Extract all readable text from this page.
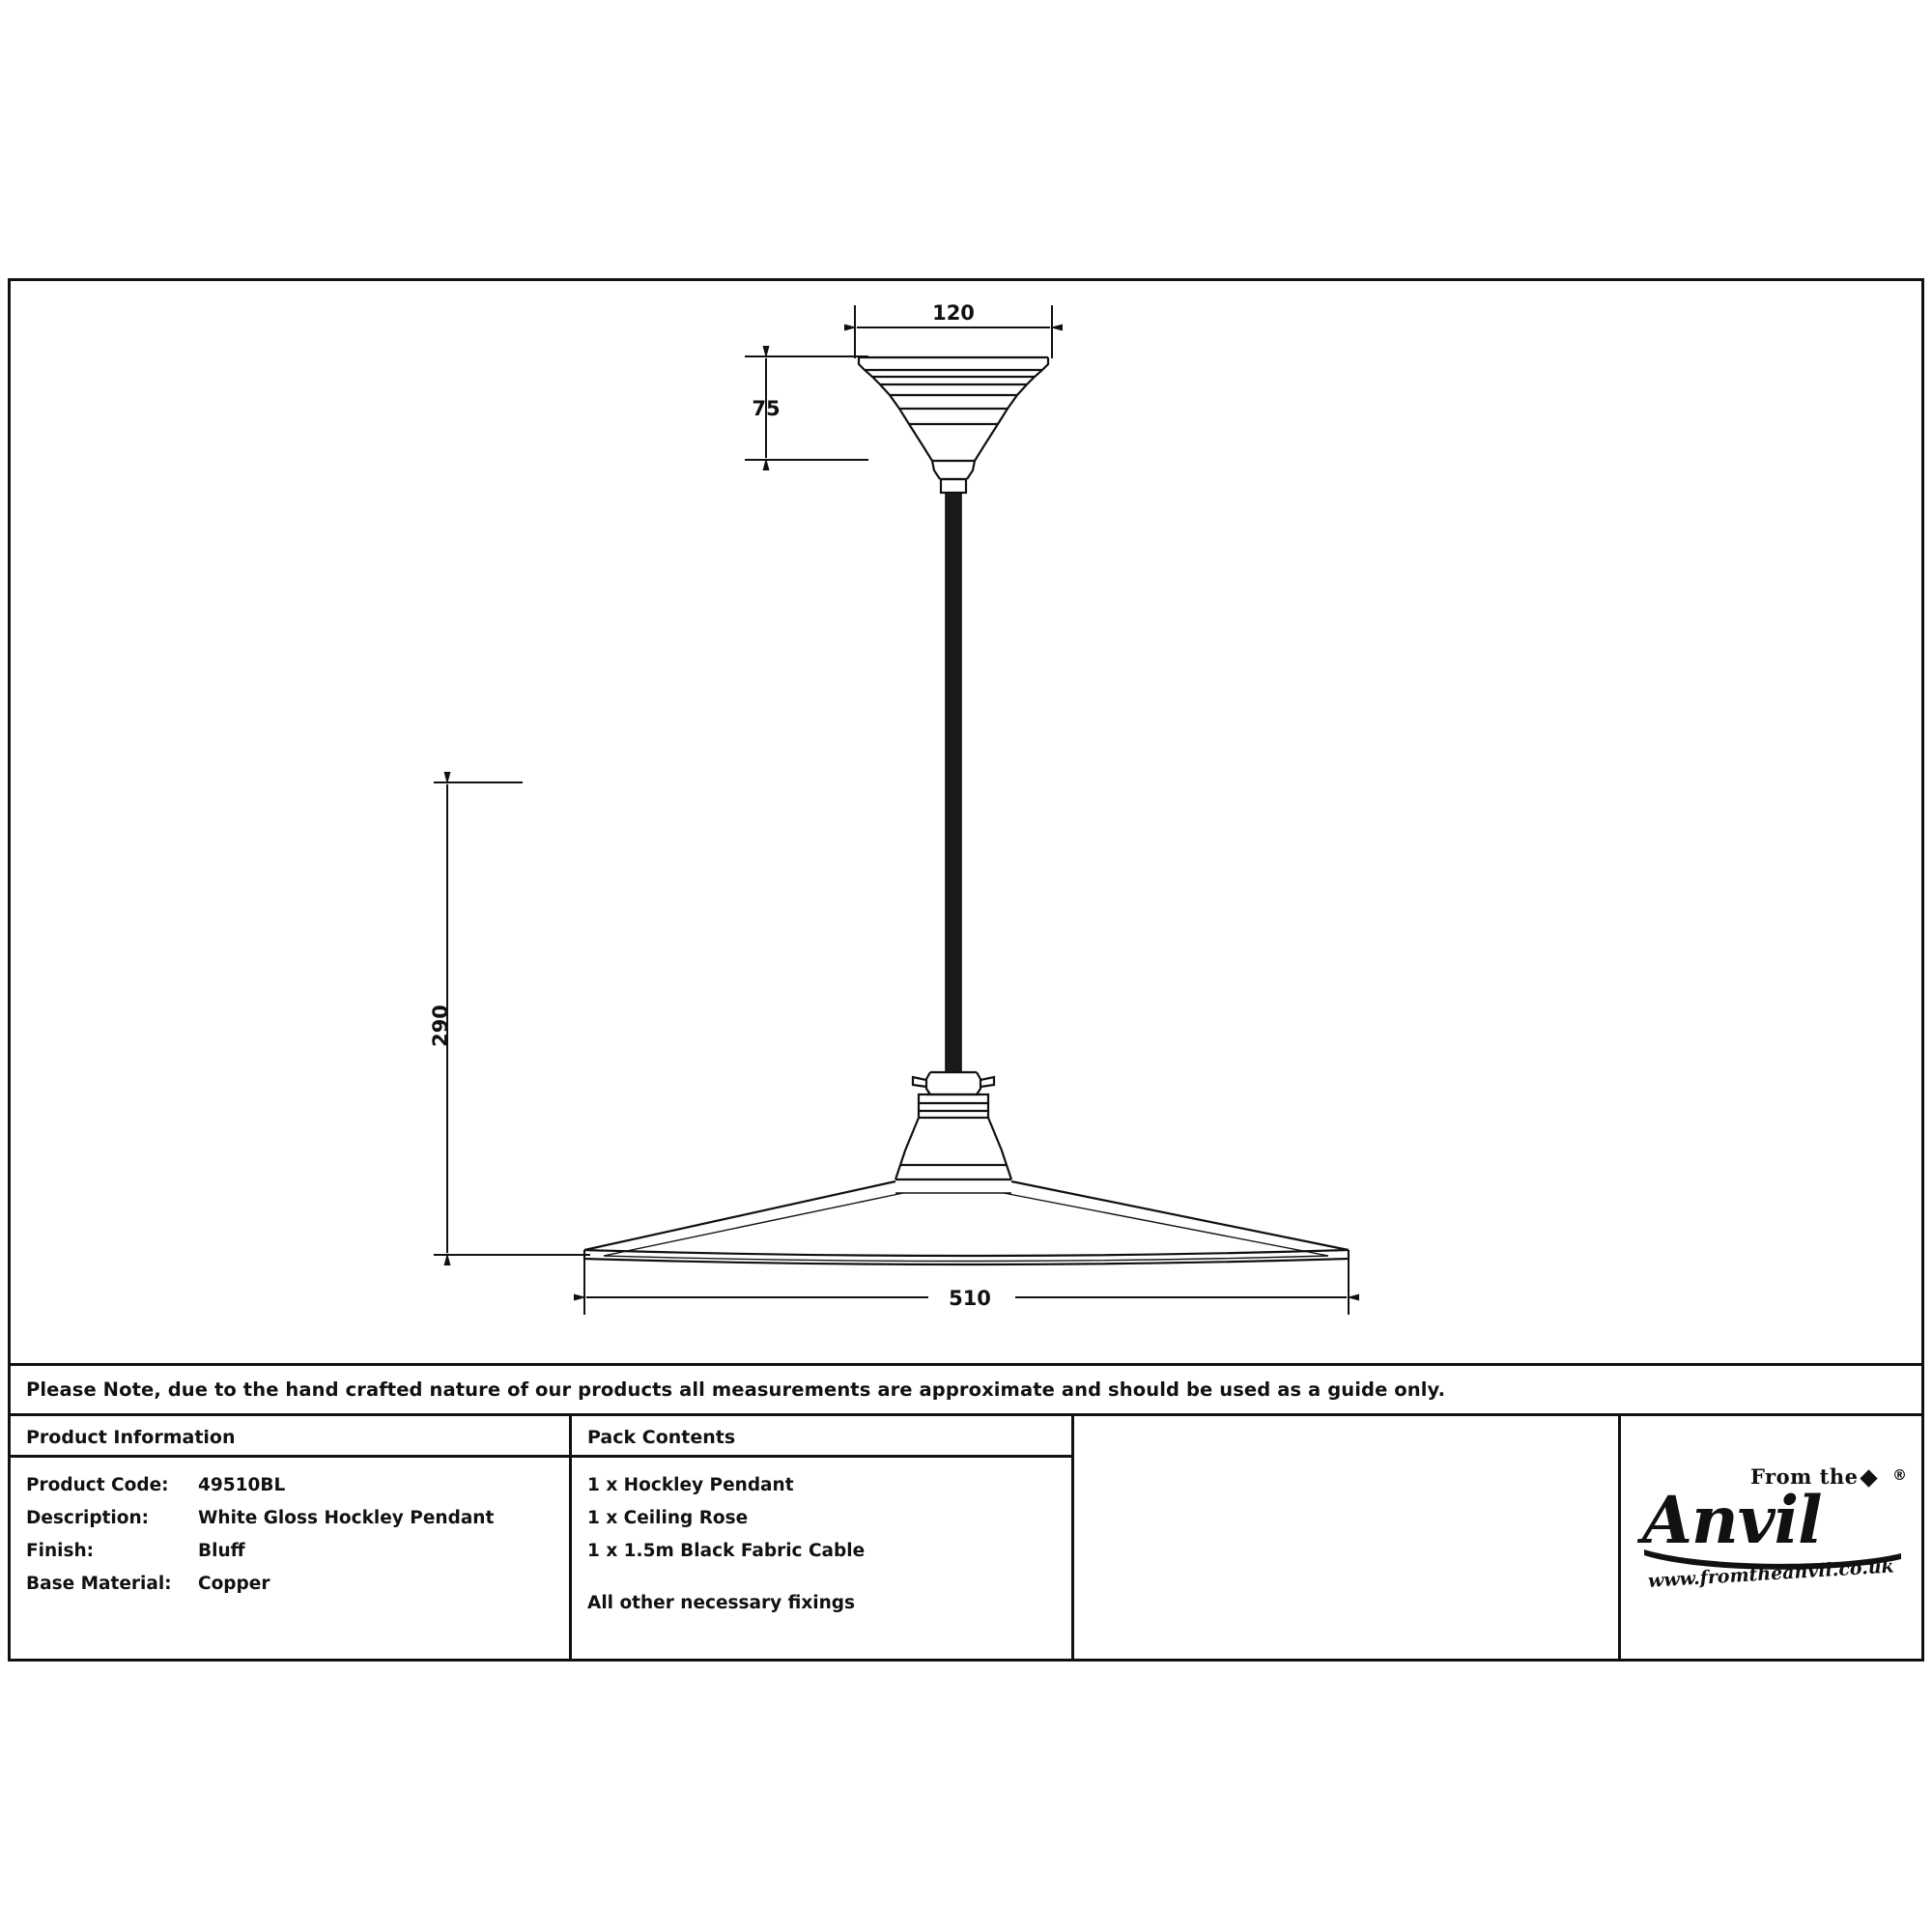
120
75
290
510
Please Note, due to the hand crafted nature of our products all measurements are approximate and should be used as a guide only.
Product Information
Product Code: 49510BL
Description:	White Gloss Hockley Pendant
Finish:	Bluff
Base Material: Copper
Pack Contents
1 x Hockley Pendant
1 x Ceiling Rose
1 x 1.5m Black Fabric Cable
All other necessary fixings
From the
Anvil
®
www.fromtheanvil.co.uk
